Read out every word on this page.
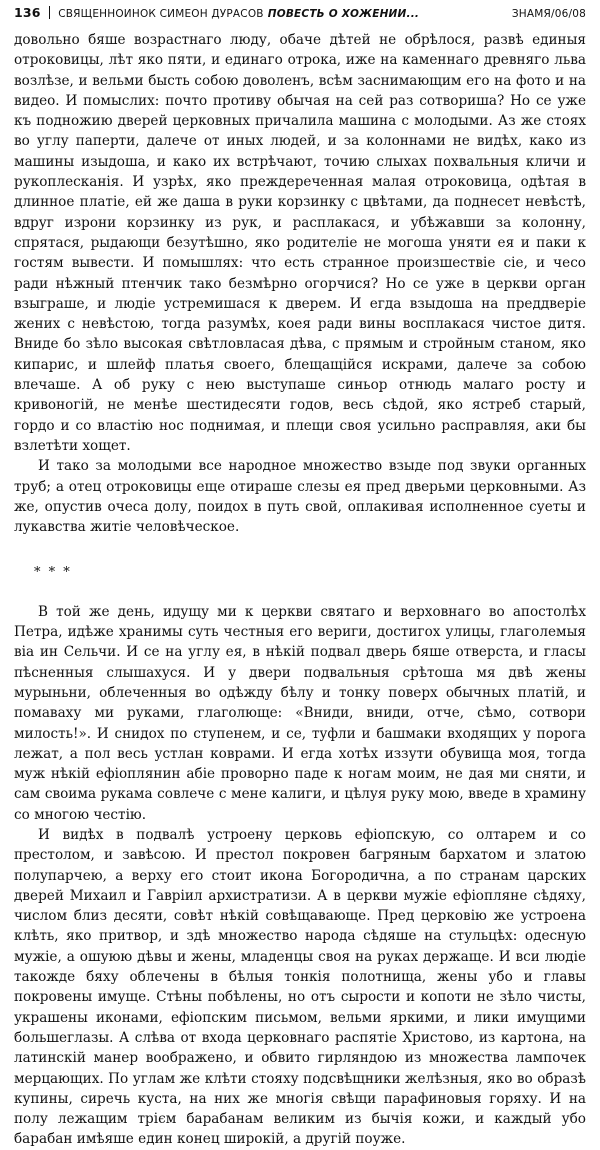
136 СВЯЩЕННОИНОК СИМЕОН ДУРАСОВ ПОВЕСТЬ О ХОЖЕНИИ...	ЗНАМЯ/06/08

довольно бяше возрастнагo люду, обаче дѣтей не обрѣлося, развѣ единыя отроковицы, лѣт яко пяти, и единагo отрока, иже на каменнагo древняго льва возлѣзе, и вельми бысть собою доволенъ, всѣм заснимающим его на фото и на видео. И помыслих: почто противу обычая на сей раз сотворишa? Но се уже къ подножию дверей церковных причалила машина с молодыми. Аз же стоях во углу паперти, далече от иных людей, и за колоннами не видѣх, како из машины изыдоша, и како их встрѣчают, точию слыхах похвальныя кличи и рукоплесканія. И узрѣх, яко преждереченная малая отроковица, одѣтая в длинное платіе, ей же даша в руки корзинку с цвѣтами, да поднесет невѣстѣ, вдруг изрони корзинку из рук, и расплакася, и убѣжавши за колонну, спрятася, рыдающи безутѣшно, яко родителіе не могоша уняти ея и паки к гостям вывести. И помышлях: что есть странное произшествіе сіе, и чесо ради нѣжный птенчик тако безмѣрно огорчися? Но се уже в церкви орган взыграше, и людіе устремишася к дверем. И егда взыдоша на преддверіе жених с невѣстою, тогда разумѣх, коея ради вины восплакася чистое дитя. Вниде бо зѣло высокая свѣтловласая дѣва, с прямым и стройным станом, яко кипарис, и шлейф платья своего, блещащійся искрами, далече за собою влечаше. А об руку с нею выступаше синьор отнюдь малагo росту и кривоногій, не менѣе шестидесяти годов, весь сѣдой, яко ястреб старый, гордо и со властію нос поднимая, и плещи своя усильно расправляя, аки бы взлетѣти хощет.

И тако за молодыми все народное множество взыде под звуки органных труб; а отец отроковицы еще отираше слезы ея пред дверьми церковными. Аз же, опустив очеса долу, поидох в путь свой, оплакивая исполненное суеты и лукавства житіе человѣческое.

* * *

В той же день, идущу ми к церкви святагo и верховнагo во апостолѣх Петра, идѣже хранимы суть честныя его вериги, достигох улицы, глаголемыя віа ин Сельчи. И се на углу ея, в нѣкій подвал дверь бяше отверста, и гласы пѣсненныя слышахуся. И у двери подвальныя срѣтоша мя двѣ жены мурыньни, облеченныя во одѣжду бѣлу и тонку поверх обычных платій, и помаваху ми руками, глаголюще: «Вниди, вниди, отче, сѣмо, сотвори милость!». И снидох по ступенем, и се, туфли и башмаки входящих у порога лежат, а пол весь устлан коврами. И егда хотѣх иззути обувища моя, тогда муж нѣкій ефіоплянин абіе проворно паде к ногам моим, не дая ми сняти, и сам своима рукама совлече с мене калиги, и цѣлуя руку мою, введе в храмину со многою честію.

И видѣх в подвалѣ устроену церковь ефіопскую, со олтарем и со престолом, и завѣсою. И престол покровен багряным бархатом и златою полупарчею, а верху его стоит икона Богородична, а по странам царских дверей Михаил и Гавріил архистратизи. А в церкви мужіе ефіопляне сѣдяху, числом близ десяти, совѣт нѣкій совѣщавающе. Пред церковію же устроена клѣть, яко притвор, и здѣ множество народа сѣдяше на стульцѣх: одесную мужіе, а ошуюю дѣвы и жены, младенцы своя на руках держаще. И вси людіе такожде бяху облечены в бѣлыя тонкія полотнища, жены убо и главы покровены имуще. Стѣны побѣлены, но отъ сырости и копоти не зѣло чисты, украшены иконами, ефіопским письмом, вельми яркими, и лики имущими большеглазы. А слѣва от входа церковнагo распятіе Христово, из картона, на латинскій манер воображено, и обвито гирляндою из множества лампочек мерцающих. По углам же клѣти стояху подсвѣщники желѣзныя, яко во образѣ купины, сиречь куста, на них же многія свѣщи парафиновыя горяху. И на полу лежащим трієм барабанам великим из бычія кожи, и каждый убо барабан имѣяше един конец широкій, а другій поуже.
